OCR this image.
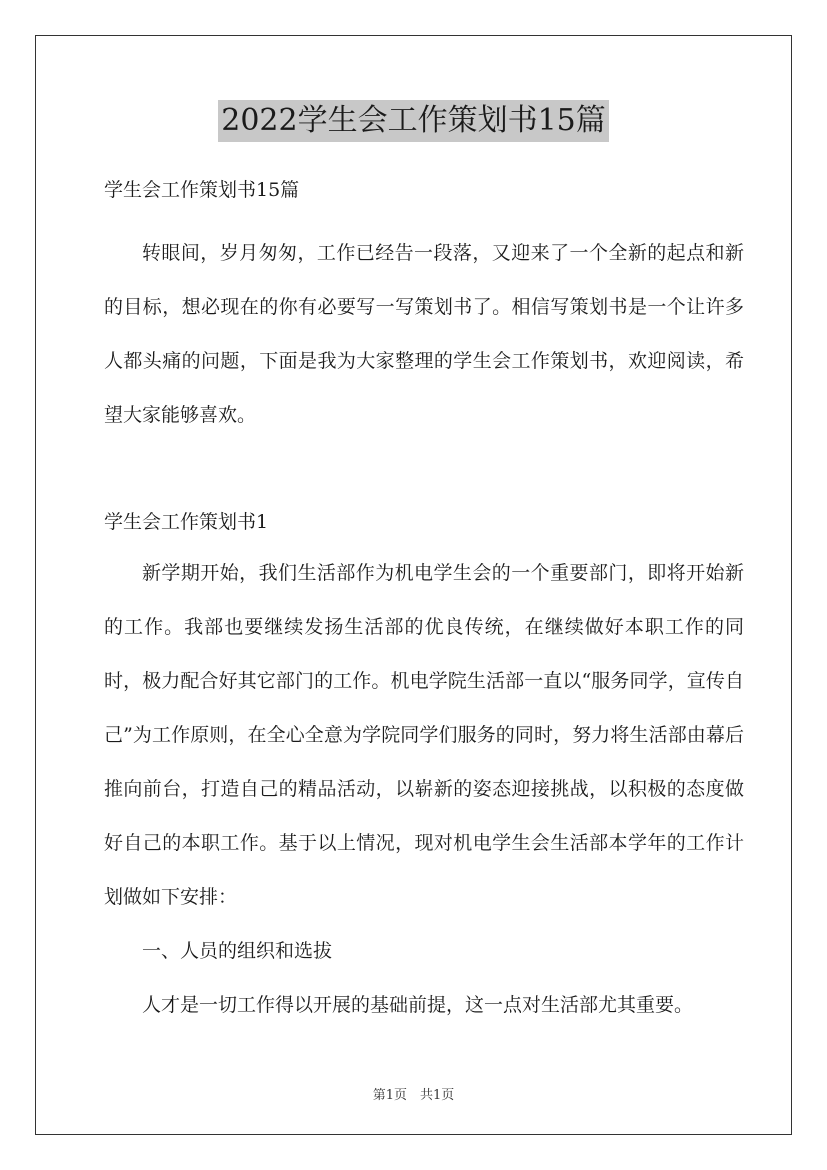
2022学生会工作策划书15篇

学生会工作策划书15篇

转眼间，岁月匆匆，工作已经告一段落，又迎来了一个全新的起点和新的目标，想必现在的你有必要写一写策划书了。相信写策划书是一个让许多人都头痛的问题，下面是我为大家整理的学生会工作策划书，欢迎阅读，希望大家能够喜欢。

学生会工作策划书1

新学期开始，我们生活部作为机电学生会的一个重要部门，即将开始新的工作。我部也要继续发扬生活部的优良传统，在继续做好本职工作的同时，极力配合好其它部门的工作。机电学院生活部一直以“服务同学，宣传自己”为工作原则，在全心全意为学院同学们服务的同时，努力将生活部由幕后推向前台，打造自己的精品活动，以崭新的姿态迎接挑战，以积极的态度做好自己的本职工作。基于以上情况，现对机电学生会生活部本学年的工作计划做如下安排：

一、人员的组织和选拔

人才是一切工作得以开展的基础前提，这一点对生活部尤其重要。

第1页　共1页
